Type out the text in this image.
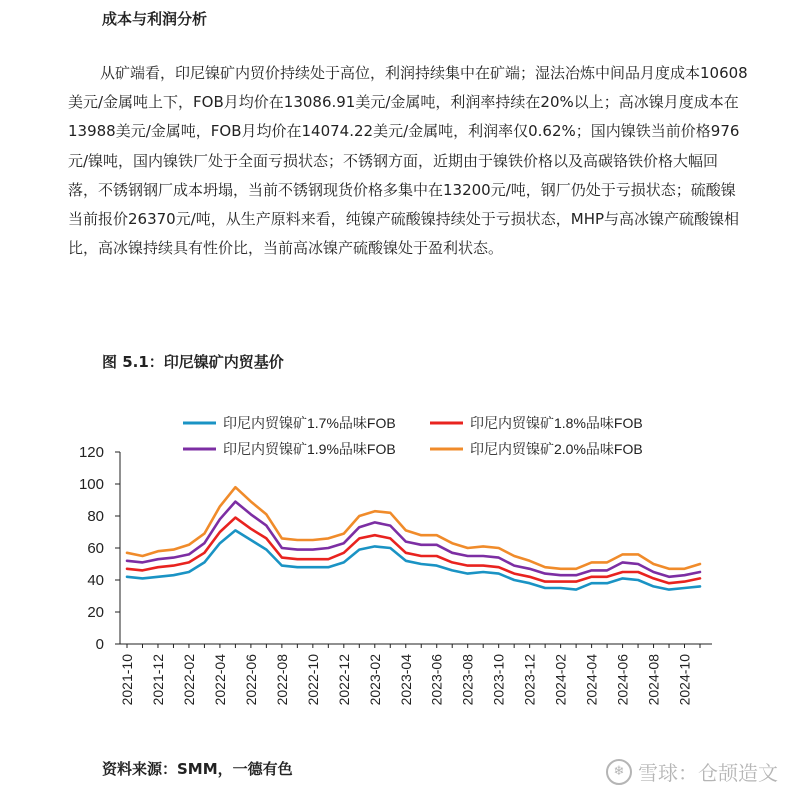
成本与利润分析

从矿端看，印尼镍矿内贸价持续处于高位，利润持续集中在矿端；湿法冶炼中间品月度成本10608美元/金属吨上下，FOB月均价在13086.91美元/金属吨，利润率持续在20%以上；高冰镍月度成本在13988美元/金属吨，FOB月均价在14074.22美元/金属吨，利润率仅0.62%；国内镍铁当前价格976元/镍吨，国内镍铁厂处于全面亏损状态；不锈钢方面，近期由于镍铁价格以及高碳铬铁价格大幅回落，不锈钢钢厂成本坍塌，当前不锈钢现货价格多集中在13200元/吨，钢厂仍处于亏损状态；硫酸镍当前报价26370元/吨，从生产原料来看，纯镍产硫酸镍持续处于亏损状态，MHP与高冰镍产硫酸镍相比，高冰镍持续具有性价比，当前高冰镍产硫酸镍处于盈利状态。

图 5.1：印尼镍矿内贸基价
印尼内贸镍矿1.7%品味FOB	印尼内贸镍矿1.8%品味FOB
印尼内贸镍矿1.9%品味FOB	印尼内贸镍矿2.0%品味FOB
0
20
40
60
80
100
120
2021-10 2021-12 2022-02 2022-04 2022-06 2022-08 2022-10 2022-12 2023-02 2023-04 2023-06 2023-08 2023-10 2023-12 2024-02 2024-04 2024-06 2024-08 2024-10
资料来源：SMM，一德有色	❄ 雪球：仓颉造文
